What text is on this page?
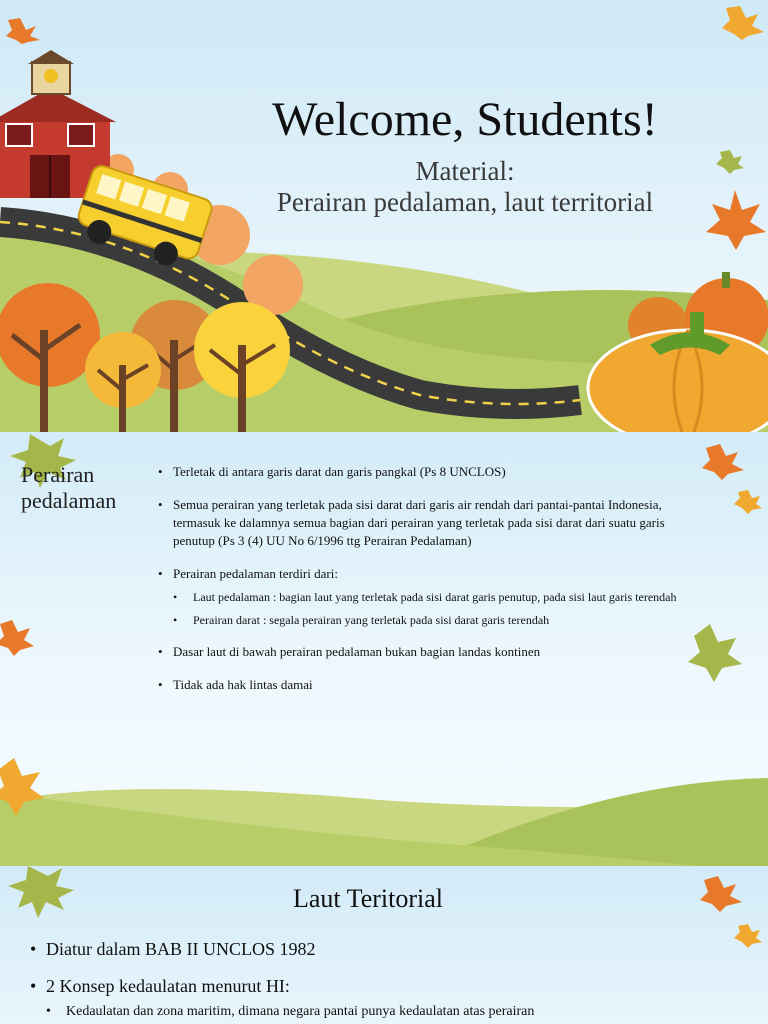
Welcome, Students!
Material:
Perairan pedalaman, laut territorial
Perairan pedalaman
• Terletak di antara garis darat dan garis pangkal (Ps 8 UNCLOS)
• Semua perairan yang terletak pada sisi darat dari garis air rendah dari pantai-pantai Indonesia, termasuk ke dalamnya semua bagian dari perairan yang terletak pada sisi darat dari suatu garis penutup (Ps 3 (4) UU No 6/1996 ttg Perairan Pedalaman)
• Perairan pedalaman terdiri dari:
• Laut pedalaman : bagian laut yang terletak pada sisi darat garis penutup, pada sisi laut garis terendah
• Perairan darat : segala perairan yang terletak pada sisi darat garis terendah
• Dasar laut di bawah perairan pedalaman bukan bagian landas kontinen
• Tidak ada hak lintas damai
Laut Teritorial
• Diatur dalam BAB II UNCLOS 1982
• 2 Konsep kedaulatan menurut HI:
• Kedaulatan dan zona maritim, dimana negara pantai punya kedaulatan atas perairan
